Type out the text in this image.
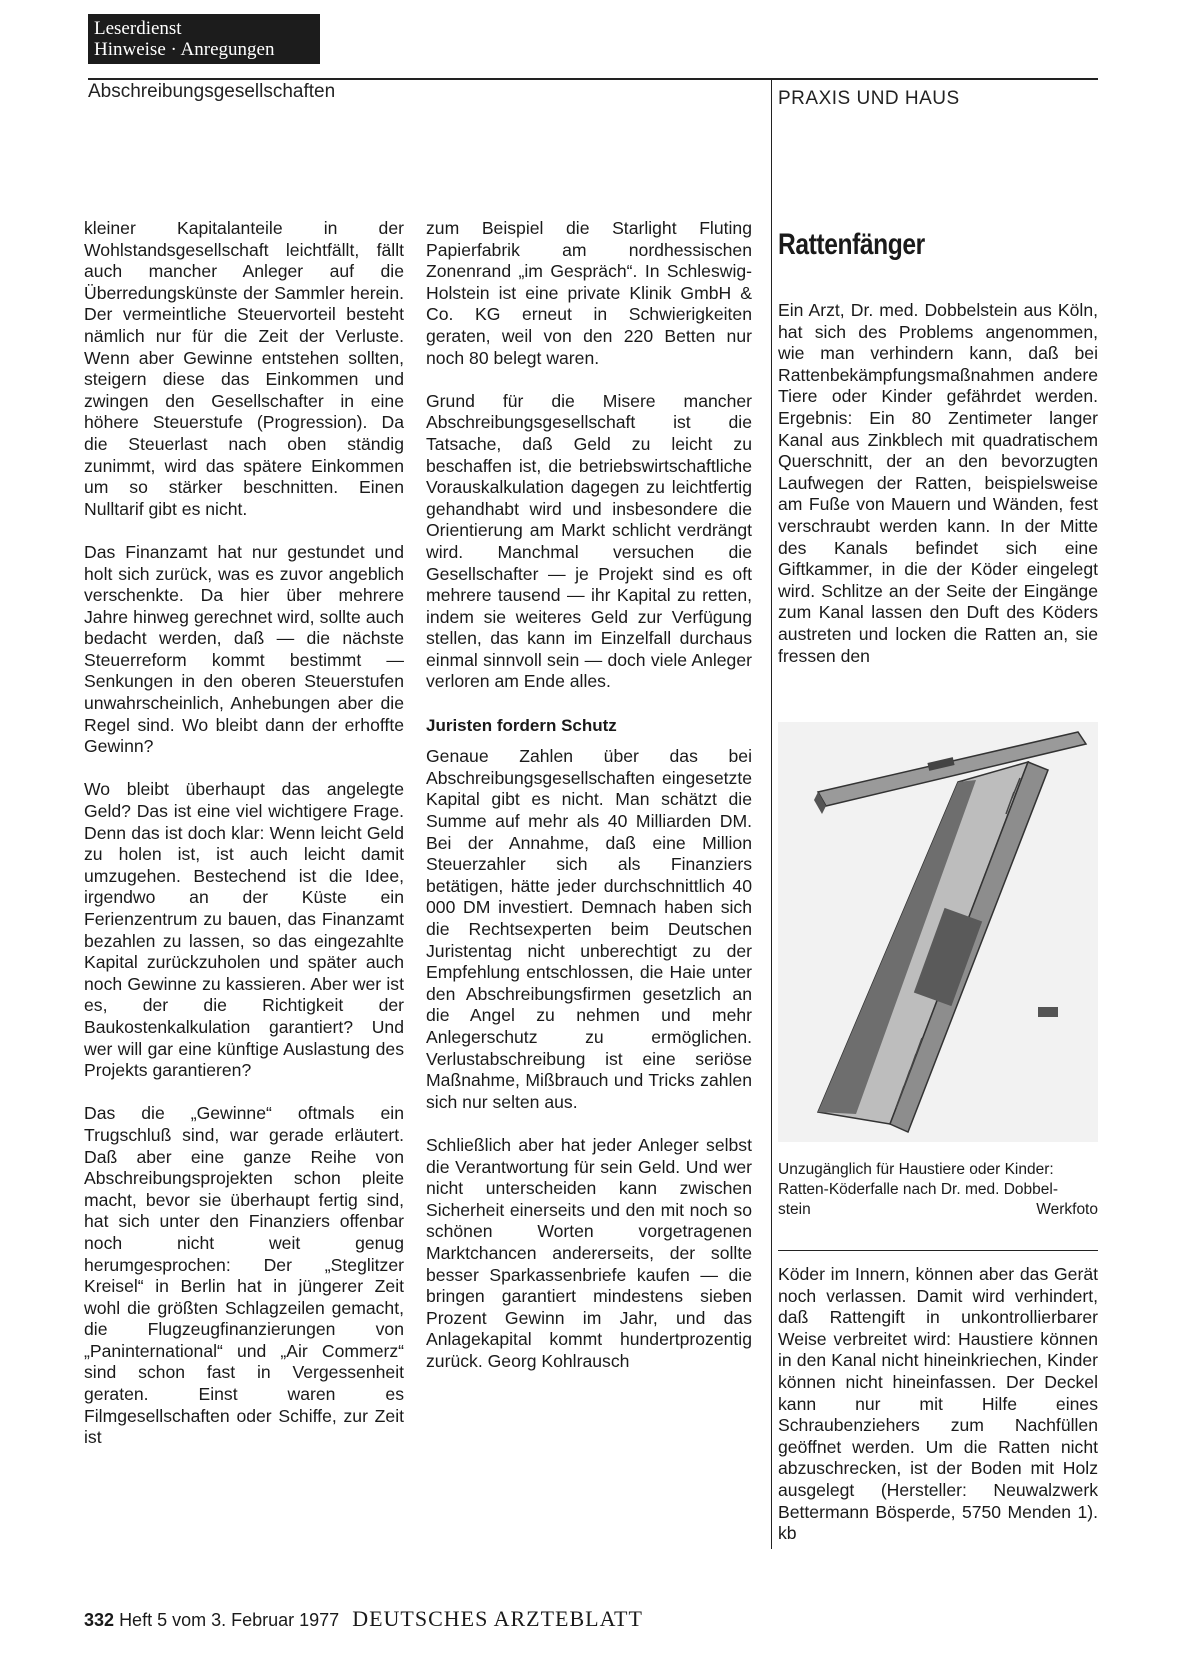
Leserdienst
Hinweise · Anregungen
Abschreibungsgesellschaften	PRAXIS UND HAUS

kleiner Kapitalanteile in der Wohlstandsgesellschaft leichtfällt, fällt auch mancher Anleger auf die Überredungskünste der Sammler herein. Der vermeintliche Steuervorteil besteht nämlich nur für die Zeit der Verluste. Wenn aber Gewinne entstehen sollten, steigern diese das Einkommen und zwingen den Gesellschafter in eine höhere Steuerstufe (Progression). Da die Steuerlast nach oben ständig zunimmt, wird das spätere Einkommen um so stärker beschnitten. Einen Nulltarif gibt es nicht.

Das Finanzamt hat nur gestundet und holt sich zurück, was es zuvor angeblich verschenkte. Da hier über mehrere Jahre hinweg gerechnet wird, sollte auch bedacht werden, daß — die nächste Steuerreform kommt bestimmt — Senkungen in den oberen Steuerstufen unwahrscheinlich, Anhebungen aber die Regel sind. Wo bleibt dann der erhoffte Gewinn?

Wo bleibt überhaupt das angelegte Geld? Das ist eine viel wichtigere Frage. Denn das ist doch klar: Wenn leicht Geld zu holen ist, ist auch leicht damit umzugehen. Bestechend ist die Idee, irgendwo an der Küste ein Ferienzentrum zu bauen, das Finanzamt bezahlen zu lassen, so das eingezahlte Kapital zurückzuholen und später auch noch Gewinne zu kassieren. Aber wer ist es, der die Richtigkeit der Baukostenkalkulation garantiert? Und wer will gar eine künftige Auslastung des Projekts garantieren?

Das die „Gewinne“ oftmals ein Trugschluß sind, war gerade erläutert. Daß aber eine ganze Reihe von Abschreibungsprojekten schon pleite macht, bevor sie überhaupt fertig sind, hat sich unter den Finanziers offenbar noch nicht weit genug herumgesprochen: Der „Steglitzer Kreisel“ in Berlin hat in jüngerer Zeit wohl die größten Schlagzeilen gemacht, die Flugzeugfinanzierungen von „Paninternational“ und „Air Commerz“ sind schon fast in Vergessenheit geraten. Einst waren es Filmgesellschaften oder Schiffe, zur Zeit ist

zum Beispiel die Starlight Fluting Papierfabrik am nordhessischen Zonenrand „im Gespräch“. In Schleswig-Holstein ist eine private Klinik GmbH & Co. KG erneut in Schwierigkeiten geraten, weil von den 220 Betten nur noch 80 belegt waren.

Grund für die Misere mancher Abschreibungsgesellschaft ist die Tatsache, daß Geld zu leicht zu beschaffen ist, die betriebswirtschaftliche Vorauskalkulation dagegen zu leichtfertig gehandhabt wird und insbesondere die Orientierung am Markt schlicht verdrängt wird. Manchmal versuchen die Gesellschafter — je Projekt sind es oft mehrere tausend — ihr Kapital zu retten, indem sie weiteres Geld zur Verfügung stellen, das kann im Einzelfall durchaus einmal sinnvoll sein — doch viele Anleger verloren am Ende alles.

Juristen fordern Schutz

Genaue Zahlen über das bei Abschreibungsgesellschaften eingesetzte Kapital gibt es nicht. Man schätzt die Summe auf mehr als 40 Milliarden DM. Bei der Annahme, daß eine Million Steuerzahler sich als Finanziers betätigen, hätte jeder durchschnittlich 40 000 DM investiert. Demnach haben sich die Rechtsexperten beim Deutschen Juristentag nicht unberechtigt zu der Empfehlung entschlossen, die Haie unter den Abschreibungsfirmen gesetzlich an die Angel zu nehmen und mehr Anlegerschutz zu ermöglichen. Verlustabschreibung ist eine seriöse Maßnahme, Mißbrauch und Tricks zahlen sich nur selten aus.

Schließlich aber hat jeder Anleger selbst die Verantwortung für sein Geld. Und wer nicht unterscheiden kann zwischen Sicherheit einerseits und den mit noch so schönen Worten vorgetragenen Marktchancen andererseits, der sollte besser Sparkassenbriefe kaufen — die bringen garantiert mindestens sieben Prozent Gewinn im Jahr, und das Anlagekapital kommt hundertprozentig zurück. Georg Kohlrausch

Rattenfänger

Ein Arzt, Dr. med. Dobbelstein aus Köln, hat sich des Problems angenommen, wie man verhindern kann, daß bei Rattenbekämpfungsmaßnahmen andere Tiere oder Kinder gefährdet werden. Ergebnis: Ein 80 Zentimeter langer Kanal aus Zinkblech mit quadratischem Querschnitt, der an den bevorzugten Laufwegen der Ratten, beispielsweise am Fuße von Mauern und Wänden, fest verschraubt werden kann. In der Mitte des Kanals befindet sich eine Giftkammer, in die der Köder eingelegt wird. Schlitze an der Seite der Eingänge zum Kanal lassen den Duft des Köders austreten und locken die Ratten an, sie fressen den

Unzugänglich für Haustiere oder Kinder:
Ratten-Köderfalle nach Dr. med. Dobbel-
stein	Werkfoto

Köder im Innern, können aber das Gerät noch verlassen. Damit wird verhindert, daß Rattengift in unkontrollierbarer Weise verbreitet wird: Haustiere können in den Kanal nicht hineinkriechen, Kinder können nicht hineinfassen. Der Deckel kann nur mit Hilfe eines Schraubenziehers zum Nachfüllen geöffnet werden. Um die Ratten nicht abzuschrecken, ist der Boden mit Holz ausgelegt (Hersteller: Neuwalzwerk Bettermann Bösperde, 5750 Menden 1). kb

332 Heft 5 vom 3. Februar 1977 DEUTSCHES ARZTEBLATT
